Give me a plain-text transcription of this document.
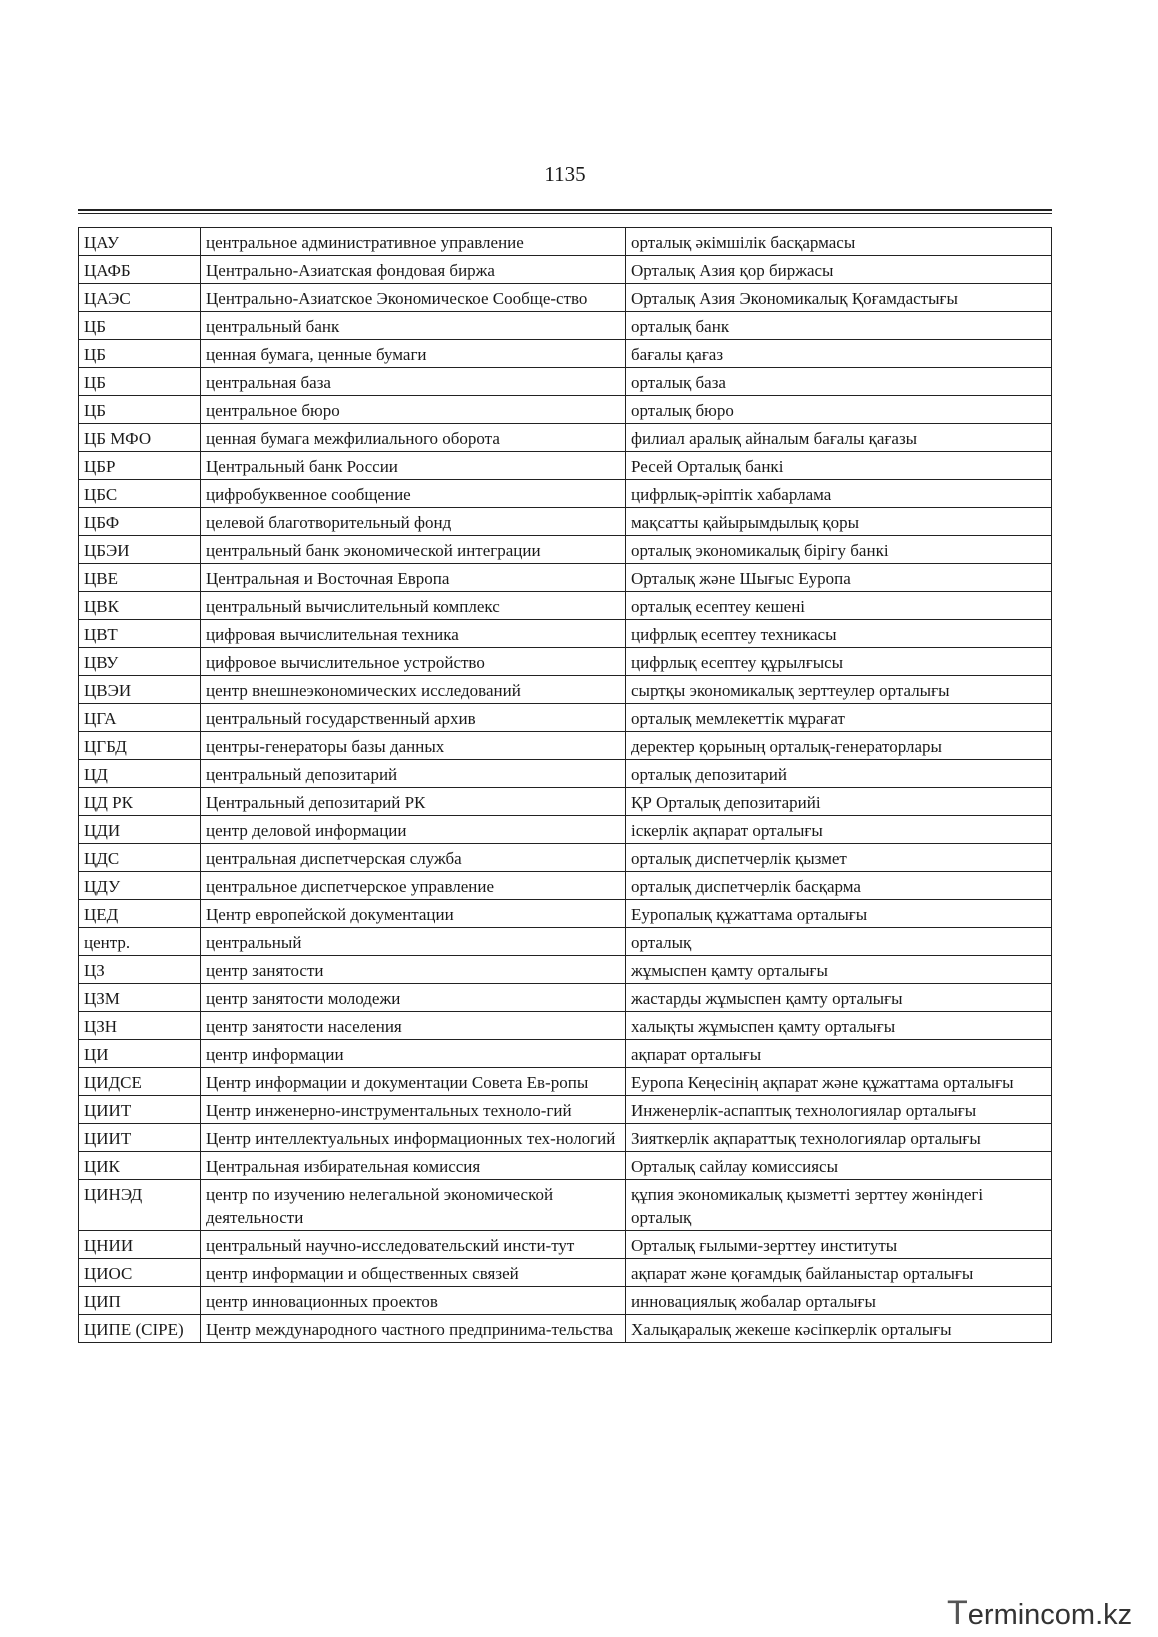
1135
ЦАУ	центральное административное управление	орталық әкімшілік басқармасы
ЦАФБ	Центрально-Азиатская фондовая биржа	Орталық Азия қор биржасы
ЦАЭС	Центрально-Азиатское Экономическое Сообще-ство	Орталық Азия Экономикалық Қоғамдастығы
ЦБ	центральный банк	орталық банк
ЦБ	ценная бумага, ценные бумаги	бағалы қағаз
ЦБ	центральная база	орталық база
ЦБ	центральное бюро	орталық бюро
ЦБ МФО	ценная бумага межфилиального оборота	филиал аралық айналым бағалы қағазы
ЦБР	Центральный банк России	Ресей Орталық банкі
ЦБС	цифробуквенное сообщение	цифрлық-әріптік хабарлама
ЦБФ	целевой благотворительный фонд	мақсатты қайырымдылық қоры
ЦБЭИ	центральный банк экономической интеграции	орталық экономикалық бірігу банкі
ЦВЕ	Центральная и Восточная Европа	Орталық және Шығыс Еуропа
ЦВК	центральный вычислительный комплекс	орталық есептеу кешені
ЦВТ	цифровая вычислительная техника	цифрлық есептеу техникасы
ЦВУ	цифровое вычислительное устройство	цифрлық есептеу құрылғысы
ЦВЭИ	центр внешнеэкономических исследований	сыртқы экономикалық зерттеулер орталығы
ЦГА	центральный государственный архив	орталық мемлекеттік мұрағат
ЦГБД	центры-генераторы базы данных	деректер қорының орталық-генераторлары
ЦД	центральный депозитарий	орталық депозитарий
ЦД РК	Центральный депозитарий РК	ҚР Орталық депозитарийі
ЦДИ	центр деловой информации	іскерлік ақпарат орталығы
ЦДС	центральная диспетчерская служба	орталық диспетчерлік қызмет
ЦДУ	центральное диспетчерское управление	орталық диспетчерлік басқарма
ЦЕД	Центр европейской документации	Еуропалық құжаттама орталығы
центр.	центральный	орталық
ЦЗ	центр занятости	жұмыспен қамту орталығы
ЦЗМ	центр занятости молодежи	жастарды жұмыспен қамту орталығы
ЦЗН	центр занятости населения	халықты жұмыспен қамту орталығы
ЦИ	центр информации	ақпарат орталығы
ЦИДСЕ	Центр информации и документации Совета Ев-ропы	Еуропа Кеңесінің ақпарат және құжаттама орталығы
ЦИИТ	Центр инженерно-инструментальных техноло-гий	Инженерлік-аспаптық технологиялар орталығы
ЦИИТ	Центр интеллектуальных информационных тех-нологий	Зияткерлік ақпараттық технологиялар орталығы
ЦИК	Центральная избирательная комиссия	Орталық сайлау комиссиясы
ЦИНЭД	центр по изучению нелегальной экономической деятельности	құпия экономикалық қызметті зерттеу жөніндегі орталық
ЦНИИ	центральный научно-исследовательский инсти-тут	Орталық ғылыми-зерттеу институты
ЦИОС	центр информации и общественных связей	ақпарат және қоғамдық байланыстар орталығы
ЦИП	центр инновационных проектов	инновациялық жобалар орталығы
ЦИПЕ (CIPE)	Центр международного частного предпринима-тельства	Халықаралық жекеше кәсіпкерлік орталығы
Termincom.kz
